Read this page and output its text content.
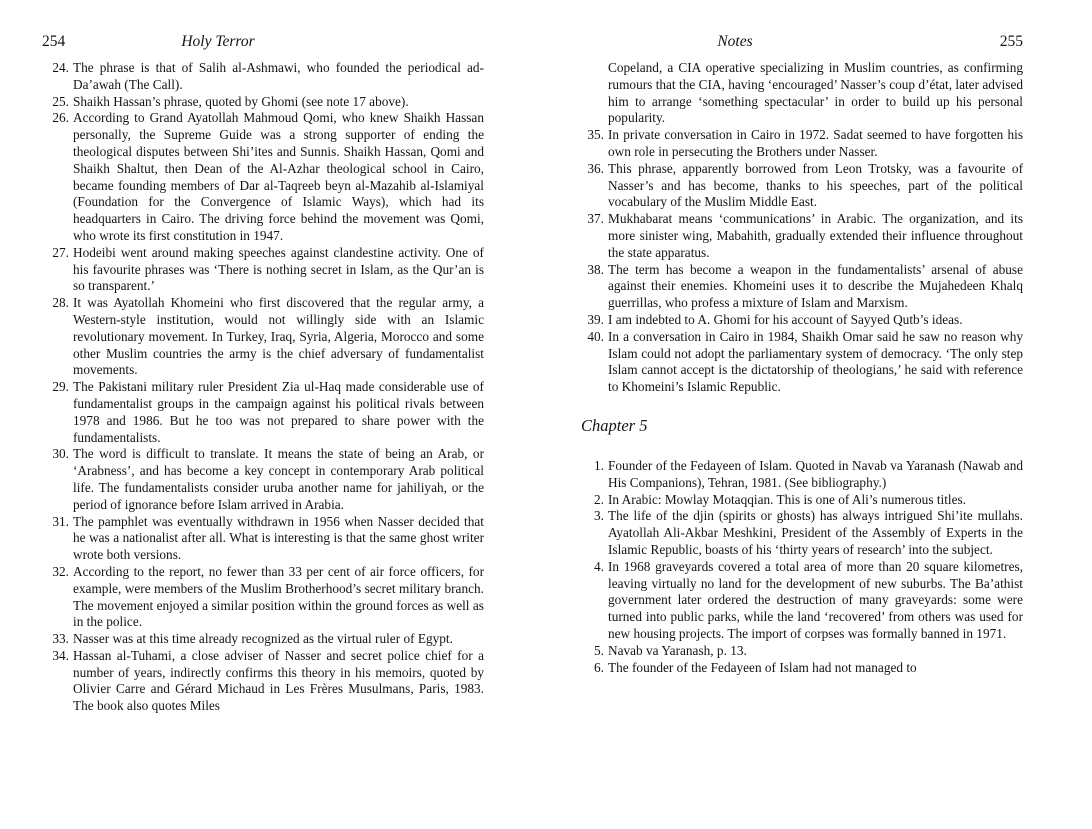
254	Holy Terror
24. The phrase is that of Salih al-Ashmawi, who founded the periodical ad-Da’awah (The Call).
25. Shaikh Hassan’s phrase, quoted by Ghomi (see note 17 above).
26. According to Grand Ayatollah Mahmoud Qomi, who knew Shaikh Hassan personally, the Supreme Guide was a strong supporter of ending the theological disputes between Shi’ites and Sunnis. Shaikh Hassan, Qomi and Shaikh Shaltut, then Dean of the Al-Azhar theological school in Cairo, became founding members of Dar al-Taqreeb beyn al-Mazahib al-Islamiyal (Foundation for the Convergence of Islamic Ways), which had its headquarters in Cairo. The driving force behind the movement was Qomi, who wrote its first constitution in 1947.
27. Hodeibi went around making speeches against clandestine activity. One of his favourite phrases was ‘There is nothing secret in Islam, as the Qur’an is so transparent.’
28. It was Ayatollah Khomeini who first discovered that the regular army, a Western-style institution, would not willingly side with an Islamic revolutionary movement. In Turkey, Iraq, Syria, Algeria, Morocco and some other Muslim countries the army is the chief adversary of fundamentalist movements.
29. The Pakistani military ruler President Zia ul-Haq made considerable use of fundamentalist groups in the campaign against his political rivals between 1978 and 1986. But he too was not prepared to share power with the fundamentalists.
30. The word is difficult to translate. It means the state of being an Arab, or ‘Arabness’, and has become a key concept in contemporary Arab political life. The fundamentalists consider uruba another name for jahiliyah, or the period of ignorance before Islam arrived in Arabia.
31. The pamphlet was eventually withdrawn in 1956 when Nasser decided that he was a nationalist after all. What is interesting is that the same ghost writer wrote both versions.
32. According to the report, no fewer than 33 per cent of air force officers, for example, were members of the Muslim Brotherhood’s secret military branch. The movement enjoyed a similar position within the ground forces as well as in the police.
33. Nasser was at this time already recognized as the virtual ruler of Egypt.
34. Hassan al-Tuhami, a close adviser of Nasser and secret police chief for a number of years, indirectly confirms this theory in his memoirs, quoted by Olivier Carre and Gérard Michaud in Les Frères Musulmans, Paris, 1983. The book also quotes Miles
Notes	255
Copeland, a CIA operative specializing in Muslim countries, as confirming rumours that the CIA, having ‘encouraged’ Nasser’s coup d’état, later advised him to arrange ‘something spectacular’ in order to build up his personal popularity.
35. In private conversation in Cairo in 1972. Sadat seemed to have forgotten his own role in persecuting the Brothers under Nasser.
36. This phrase, apparently borrowed from Leon Trotsky, was a favourite of Nasser’s and has become, thanks to his speeches, part of the political vocabulary of the Muslim Middle East.
37. Mukhabarat means ‘communications’ in Arabic. The organization, and its more sinister wing, Mabahith, gradually extended their influence throughout the state apparatus.
38. The term has become a weapon in the fundamentalists’ arsenal of abuse against their enemies. Khomeini uses it to describe the Mujahedeen Khalq guerrillas, who profess a mixture of Islam and Marxism.
39. I am indebted to A. Ghomi for his account of Sayyed Qutb’s ideas.
40. In a conversation in Cairo in 1984, Shaikh Omar said he saw no reason why Islam could not adopt the parliamentary system of democracy. ‘The only step Islam cannot accept is the dictatorship of theologians,’ he said with reference to Khomeini’s Islamic Republic.
Chapter 5
1. Founder of the Fedayeen of Islam. Quoted in Navab va Yaranash (Nawab and His Companions), Tehran, 1981. (See bibliography.)
2. In Arabic: Mowlay Motaqqian. This is one of Ali’s numerous titles.
3. The life of the djin (spirits or ghosts) has always intrigued Shi’ite mullahs. Ayatollah Ali-Akbar Meshkini, President of the Assembly of Experts in the Islamic Republic, boasts of his ‘thirty years of research’ into the subject.
4. In 1968 graveyards covered a total area of more than 20 square kilometres, leaving virtually no land for the development of new suburbs. The Ba’athist government later ordered the destruction of many graveyards: some were turned into public parks, while the land ‘recovered’ from others was used for new housing projects. The import of corpses was formally banned in 1971.
5. Navab va Yaranash, p. 13.
6. The founder of the Fedayeen of Islam had not managed to
